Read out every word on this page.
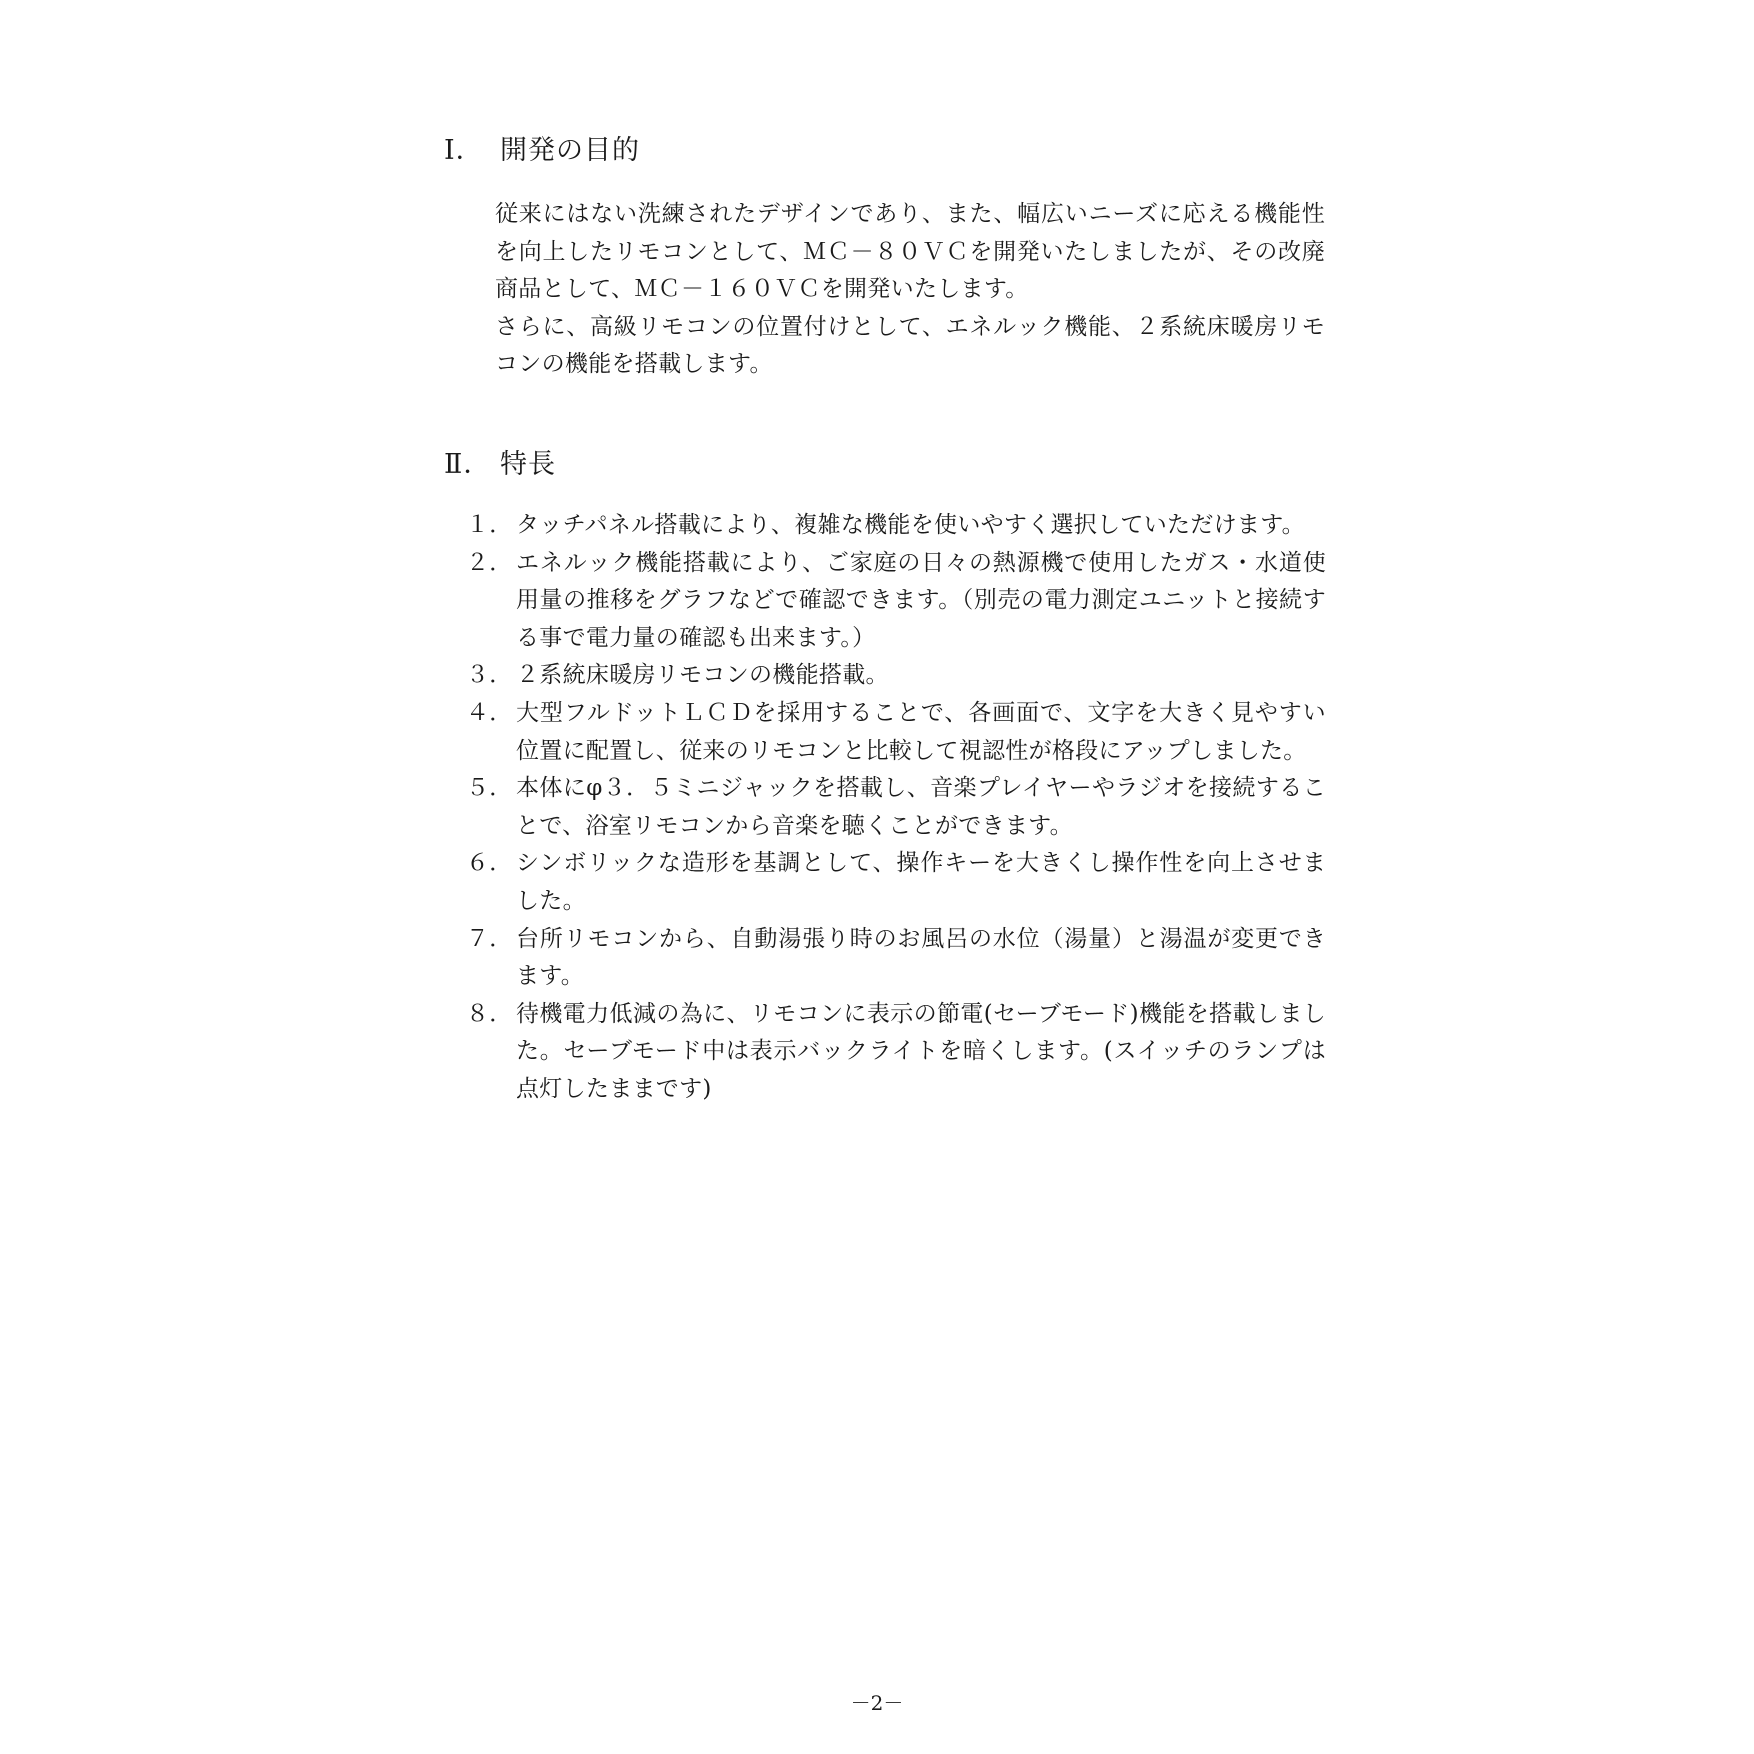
Ⅰ． 開発の目的

従来にはない洗練されたデザインであり、また、幅広いニーズに応える機能性を向上したリモコンとして、ＭＣ－８０ＶＣを開発いたしましたが、その改廃商品として、ＭＣ－１６０ＶＣを開発いたします。

さらに、高級リモコンの位置付けとして、エネルック機能、２系統床暖房リモコンの機能を搭載します。

Ⅱ． 特長
１． タッチパネル搭載により、複雑な機能を使いやすく選択していただけます。
２． エネルック機能搭載により、ご家庭の日々の熱源機で使用したガス・水道使用量の推移をグラフなどで確認できます。（別売の電力測定ユニットと接続する事で電力量の確認も出来ます。）
３． ２系統床暖房リモコンの機能搭載。
４． 大型フルドットＬＣＤを採用することで、各画面で、文字を大きく見やすい位置に配置し、従来のリモコンと比較して視認性が格段にアップしました。
５． 本体にφ３．５ミニジャックを搭載し、音楽プレイヤーやラジオを接続することで、浴室リモコンから音楽を聴くことができます。
６． シンボリックな造形を基調として、操作キーを大きくし操作性を向上させました。
７． 台所リモコンから、自動湯張り時のお風呂の水位（湯量）と湯温が変更できます。
８． 待機電力低減の為に、リモコンに表示の節電(セーブモード)機能を搭載しました。セーブモード中は表示バックライトを暗くします。(スイッチのランプは点灯したままです)
－2－
